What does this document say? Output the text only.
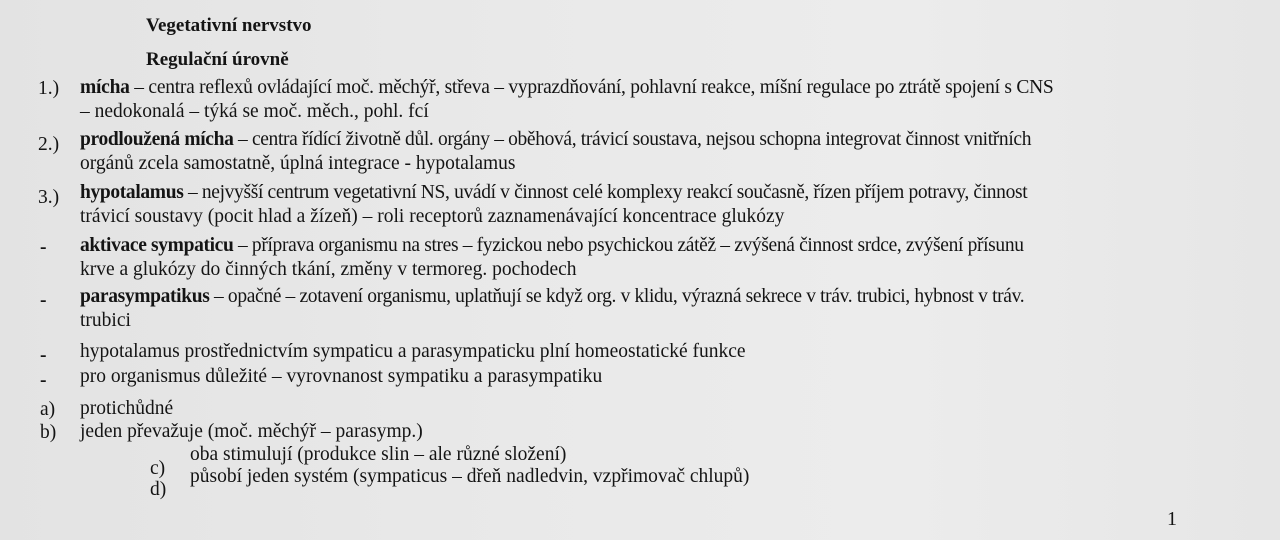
Vegetativní nervstvo
Regulační úrovně
1.) mícha – centra reflexů ovládající moč. měchýř, střeva – vyprazdňování, pohlavní reakce, míšní regulace po ztrátě spojení s CNS
– nedokonalá – týká se moč. měch., pohl. fcí
2.) prodloužená mícha – centra řídící životně důl. orgány – oběhová, trávicí soustava, nejsou schopna integrovat činnost vnitřních
orgánů zcela samostatně, úplná integrace - hypotalamus
3.) hypotalamus – nejvyšší centrum vegetativní NS, uvádí v činnost celé komplexy reakcí současně, řízen příjem potravy, činnost
trávicí soustavy (pocit hlad a žízeň) – roli receptorů zaznamenávající koncentrace glukózy
- aktivace sympaticu – příprava organismu na stres – fyzickou nebo psychickou zátěž – zvýšená činnost srdce, zvýšení přísunu
krve a glukózy do činných tkání, změny v termoreg. pochodech
- parasympatikus – opačné – zotavení organismu, uplatňují se když org. v klidu, výrazná sekrece v tráv. trubici, hybnost v tráv.
trubici
- hypotalamus prostřednictvím sympaticu a parasympaticku plní homeostatické funkce
- pro organismus důležité – vyrovnanost sympatiku a parasympatiku
a) protichůdné
b) jeden převažuje (moč. měchýř – parasymp.)
c)
oba stimulují (produkce slin – ale různé složení)
d)
působí jeden systém (sympaticus – dřeň nadledvin, vzpřimovač chlupů)
1
